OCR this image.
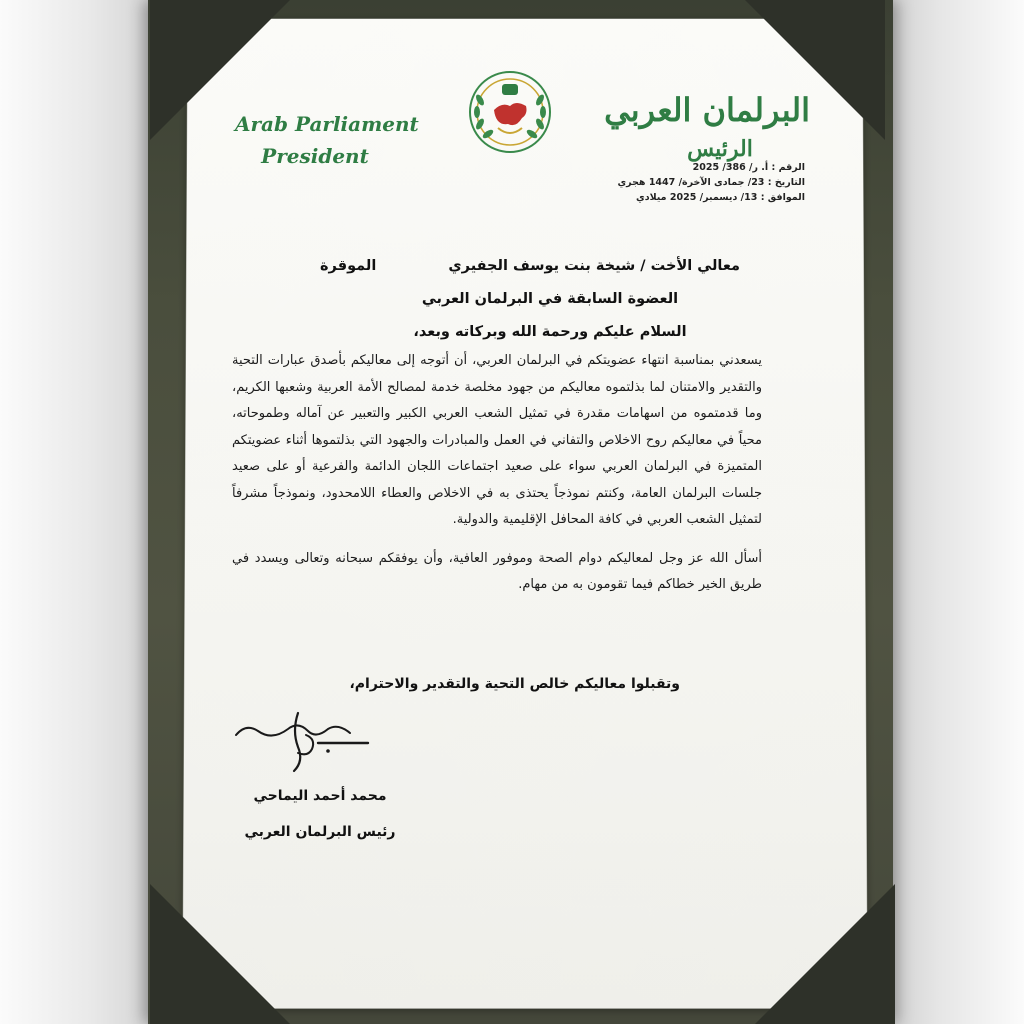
Arab Parliament
President
البرلمان العربي
الرئيس
الرقم : أ. ر/ 386/ 2025
التاريخ : 23/ جمادى الآخرة/ 1447 هجري
الموافق : 13/ ديسمبر/ 2025 ميلادي
معالي الأخت / شيخة بنت يوسف الجفيري
الموقرة
العضوة السابقة في البرلمان العربي
السلام عليكم ورحمة الله وبركاته وبعد،

يسعدني بمناسبة انتهاء عضويتكم في البرلمان العربي، أن أتوجه إلى معاليكم بأصدق عبارات التحية والتقدير والامتنان لما بذلتموه معاليكم من جهود مخلصة خدمة لمصالح الأمة العربية وشعبها الكريم، وما قدمتموه من اسهامات مقدرة في تمثيل الشعب العربي الكبير والتعبير عن آماله وطموحاته، محياً في معاليكم روح الاخلاص والتفاني في العمل والمبادرات والجهود التي بذلتموها أثناء عضويتكم المتميزة في البرلمان العربي سواء على صعيد اجتماعات اللجان الدائمة والفرعية أو على صعيد جلسات البرلمان العامة، وكنتم نموذجاً يحتذى به في الاخلاص والعطاء اللامحدود، ونموذجاً مشرفاً لتمثيل الشعب العربي في كافة المحافل الإقليمية والدولية.

أسأل الله عز وجل لمعاليكم دوام الصحة وموفور العافية، وأن يوفقكم سبحانه وتعالى ويسدد في طريق الخير خطاكم فيما تقومون به من مهام.

وتقبلوا معاليكم خالص التحية والتقدير والاحترام،
محمد أحمد اليماحي
رئيس البرلمان العربي
